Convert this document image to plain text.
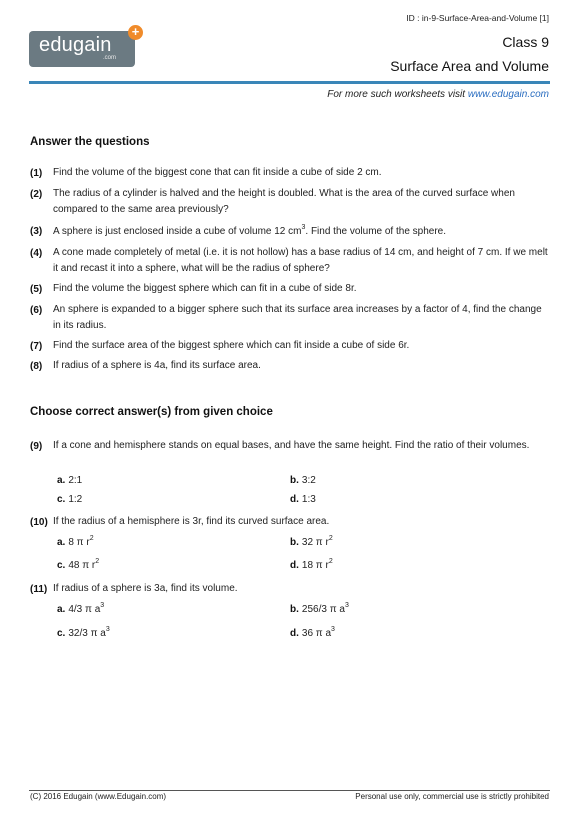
ID : in-9-Surface-Area-and-Volume [1]
edugain
.com
+
Class 9
Surface Area and Volume
For more such worksheets visit www.edugain.com
Answer the questions
(1) Find the volume of the biggest cone that can fit inside a cube of side 2 cm.
(2) The radius of a cylinder is halved and the height is doubled. What is the area of the curved surface when compared to the same area previously?
(3) A sphere is just enclosed inside a cube of volume 12 $cm^3$. Find the volume of the sphere.
(4) A cone made completely of metal (i.e. it is not hollow) has a base radius of 14 cm, and height of 7 cm. If we melt it and recast it into a sphere, what will be the radius of sphere?
(5) Find the volume the biggest sphere which can fit in a cube of side 8r.
(6) An sphere is expanded to a bigger sphere such that its surface area increases by a factor of 4, find the change in its radius.
(7) Find the surface area of the biggest sphere which can fit inside a cube of side 6r.
(8) If radius of a sphere is 4a, find its surface area.
Choose correct answer(s) from given choice
(9) If a cone and hemisphere stands on equal bases, and have the same height. Find the ratio of their volumes.
a. 2:1	b. 3:2
c. 1:2	d. 1:3
(10) If the radius of a hemisphere is 3r, find its curved surface area.
a. 8 π $r^2$	b. 32 π $r^2$
c. 48 π $r^2$	d. 18 π $r^2$
(11) If radius of a sphere is 3a, find its volume.
a. 4/3 π $a^3$	b. 256/3 π $a^3$
c. 32/3 π $a^3$	d. 36 π $a^3$
(C) 2016 Edugain (www.Edugain.com)	Personal use only, commercial use is strictly prohibited
